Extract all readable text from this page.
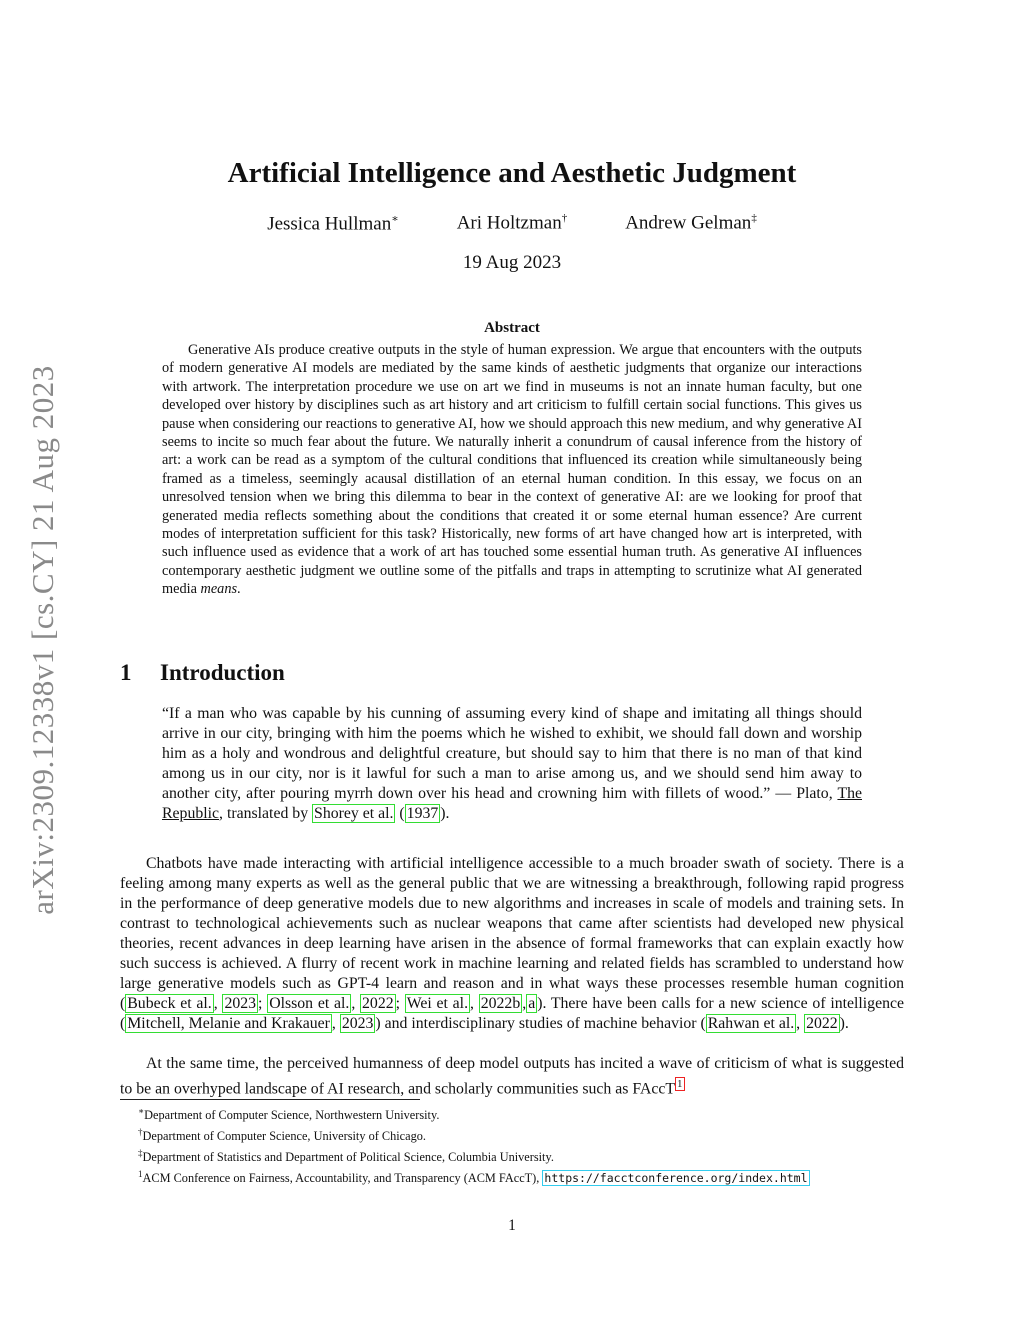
arXiv:2309.12338v1 [cs.CY] 21 Aug 2023
Artificial Intelligence and Aesthetic Judgment
Jessica Hullman∗	Ari Holtzman†	Andrew Gelman‡
19 Aug 2023
Abstract

Generative AIs produce creative outputs in the style of human expression. We argue that encounters with the outputs of modern generative AI models are mediated by the same kinds of aesthetic judgments that organize our interactions with artwork. The interpretation procedure we use on art we find in museums is not an innate human faculty, but one developed over history by disciplines such as art history and art criticism to fulfill certain social functions. This gives us pause when considering our reactions to generative AI, how we should approach this new medium, and why generative AI seems to incite so much fear about the future. We naturally inherit a conundrum of causal inference from the history of art: a work can be read as a symptom of the cultural conditions that influenced its creation while simultaneously being framed as a timeless, seemingly acausal distillation of an eternal human condition. In this essay, we focus on an unresolved tension when we bring this dilemma to bear in the context of generative AI: are we looking for proof that generated media reflects something about the conditions that created it or some eternal human essence? Are current modes of interpretation sufficient for this task? Historically, new forms of art have changed how art is interpreted, with such influence used as evidence that a work of art has touched some essential human truth. As generative AI influences contemporary aesthetic judgment we outline some of the pitfalls and traps in attempting to scrutinize what AI generated media means.

1 Introduction

“If a man who was capable by his cunning of assuming every kind of shape and imitating all things should arrive in our city, bringing with him the poems which he wished to exhibit, we should fall down and worship him as a holy and wondrous and delightful creature, but should say to him that there is no man of that kind among us in our city, nor is it lawful for such a man to arise among us, and we should send him away to another city, after pouring myrrh down over his head and crowning him with fillets of wood.” — Plato, The Republic, translated by Shorey et al. ( 1937 ).

Chatbots have made interacting with artificial intelligence accessible to a much broader swath of society. There is a feeling among many experts as well as the general public that we are witnessing a breakthrough, following rapid progress in the performance of deep generative models due to new algorithms and increases in scale of models and training sets. In contrast to technological achievements such as nuclear weapons that came after scientists had developed new physical theories, recent advances in deep learning have arisen in the absence of formal frameworks that can explain exactly how such success is achieved. A flurry of recent work in machine learning and related fields has scrambled to understand how large generative models such as GPT-4 learn and reason and in what ways these processes resemble human cognition ( Bubeck et al. , 2023 ; Olsson et al. , 2022 ; Wei et al. , 2022b , a ). There have been calls for a new science of intelligence ( Mitchell, Melanie and Krakauer , 2023 ) and interdisciplinary studies of machine behavior ( Rahwan et al. , 2022 ).

At the same time, the perceived humanness of deep model outputs has incited a wave of criticism of what is suggested to be an overhyped landscape of AI research, and scholarly communities such as FAccT $^1$

∗Department of Computer Science, Northwestern University.

†Department of Computer Science, University of Chicago.

‡Department of Statistics and Department of Political Science, Columbia University.

$^1$ACM Conference on Fairness, Accountability, and Transparency (ACM FAccT), https://facctconference.org/index.html

1
